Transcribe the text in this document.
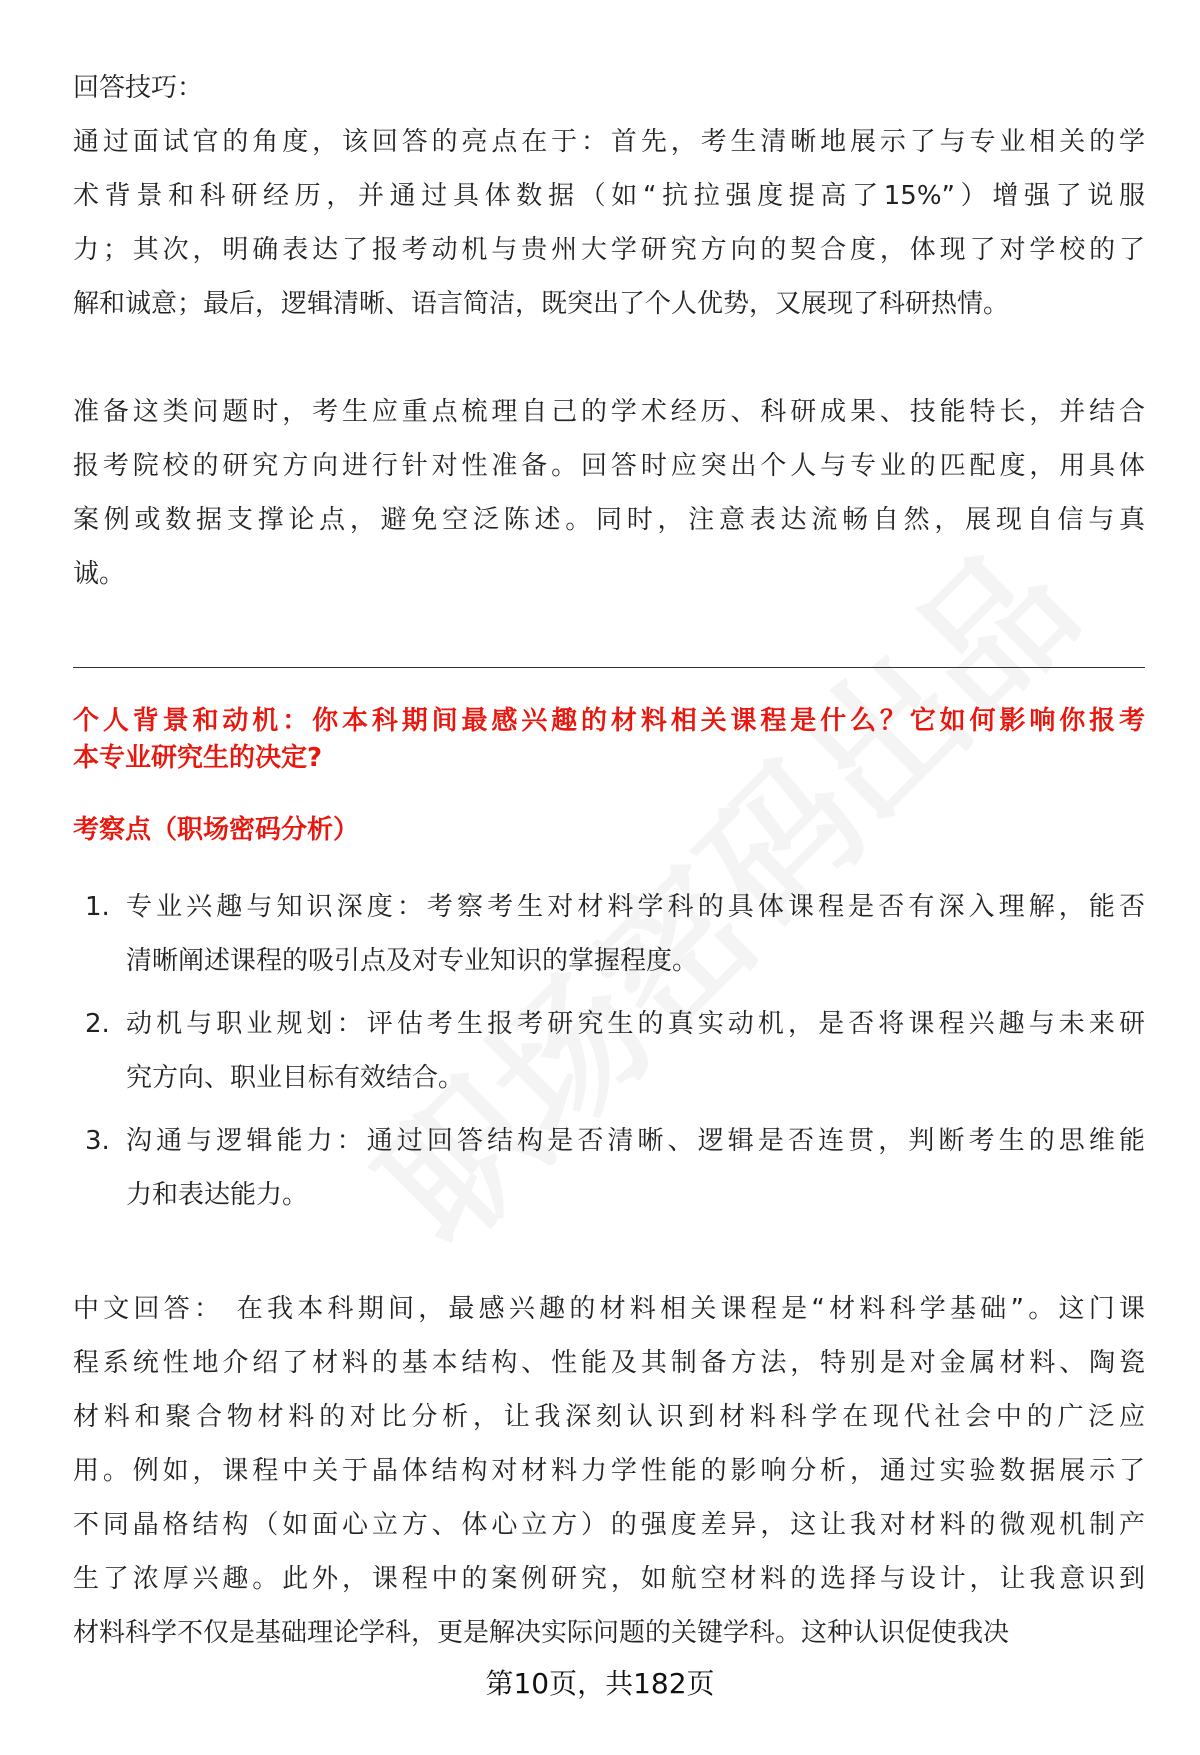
回答技巧：
通过面试官的角度，该回答的亮点在于：首先，考生清晰地展示了与专业相关的学
术背景和科研经历，并通过具体数据（如“抗拉强度提高了15%”）增强了说服
力；其次，明确表达了报考动机与贵州大学研究方向的契合度，体现了对学校的了
解和诚意；最后，逻辑清晰、语言简洁，既突出了个人优势，又展现了科研热情。
准备这类问题时，考生应重点梳理自己的学术经历、科研成果、技能特长，并结合
报考院校的研究方向进行针对性准备。回答时应突出个人与专业的匹配度，用具体
案例或数据支撑论点，避免空泛陈述。同时，注意表达流畅自然，展现自信与真
诚。
个人背景和动机：你本科期间最感兴趣的材料相关课程是什么？它如何影响你报考
本专业研究生的决定?
考察点（职场密码分析）
1. 专业兴趣与知识深度：考察考生对材料学科的具体课程是否有深入理解，能否
清晰阐述课程的吸引点及对专业知识的掌握程度。
2. 动机与职业规划：评估考生报考研究生的真实动机，是否将课程兴趣与未来研
究方向、职业目标有效结合。
3. 沟通与逻辑能力：通过回答结构是否清晰、逻辑是否连贯，判断考生的思维能
力和表达能力。
中文回答： 在我本科期间，最感兴趣的材料相关课程是“材料科学基础”。这门课
程系统性地介绍了材料的基本结构、性能及其制备方法，特别是对金属材料、陶瓷
材料和聚合物材料的对比分析，让我深刻认识到材料科学在现代社会中的广泛应
用。例如，课程中关于晶体结构对材料力学性能的影响分析，通过实验数据展示了
不同晶格结构（如面心立方、体心立方）的强度差异，这让我对材料的微观机制产
生了浓厚兴趣。此外，课程中的案例研究，如航空材料的选择与设计，让我意识到
材料科学不仅是基础理论学科，更是解决实际问题的关键学科。这种认识促使我决
第10页，共182页
